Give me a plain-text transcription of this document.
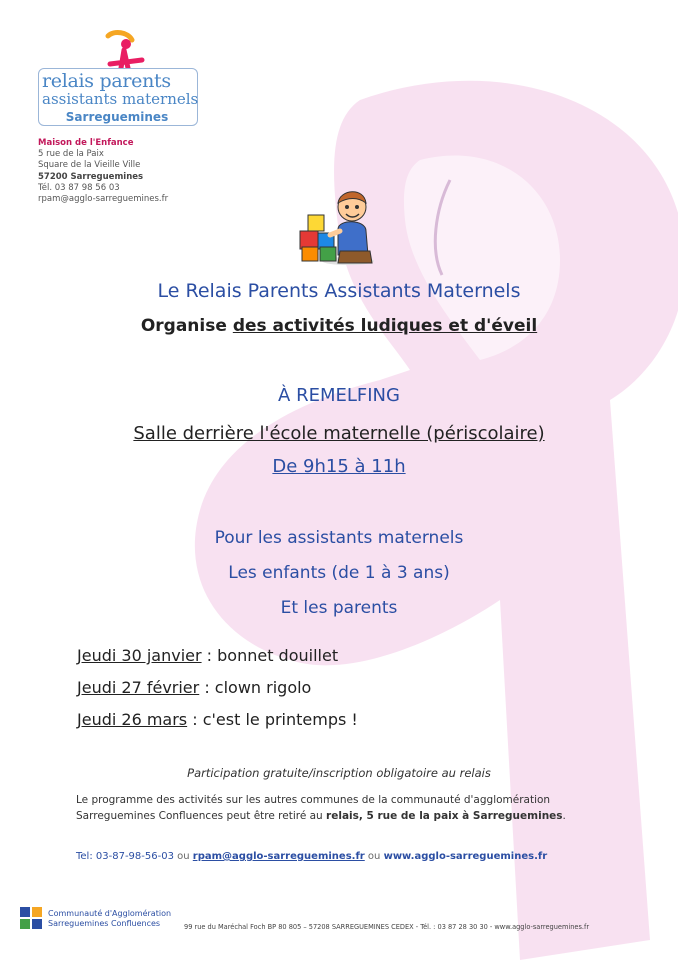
relais parents
assistants maternels
Sarreguemines
Maison de l'Enfance
5 rue de la Paix
Square de la Vieille Ville
57200 Sarreguemines
Tél. 03 87 98 56 03
rpam@agglo-sarreguemines.fr
Le Relais Parents Assistants Maternels
Organise des activités ludiques et d'éveil
À REMELFING
Salle derrière l'école maternelle (périscolaire)
De 9h15 à 11h
Pour les assistants maternels
Les enfants (de 1 à 3 ans)
Et les parents
Jeudi 30 janvier : bonnet douillet
Jeudi 27 février : clown rigolo
Jeudi 26 mars : c'est le printemps !
Participation gratuite/inscription obligatoire au relais
Le programme des activités sur les autres communes de la communauté d'agglomération Sarreguemines Confluences peut être retiré au relais, 5 rue de la paix à Sarreguemines.
Tel: 03-87-98-56-03 ou rpam@agglo-sarreguemines.fr ou www.agglo-sarreguemines.fr
Communauté d'Agglomération
Sarreguemines Confluences	99 rue du Maréchal Foch BP 80 805 – 57208 SARREGUEMINES CEDEX - Tél. : 03 87 28 30 30 - www.agglo-sarreguemines.fr
